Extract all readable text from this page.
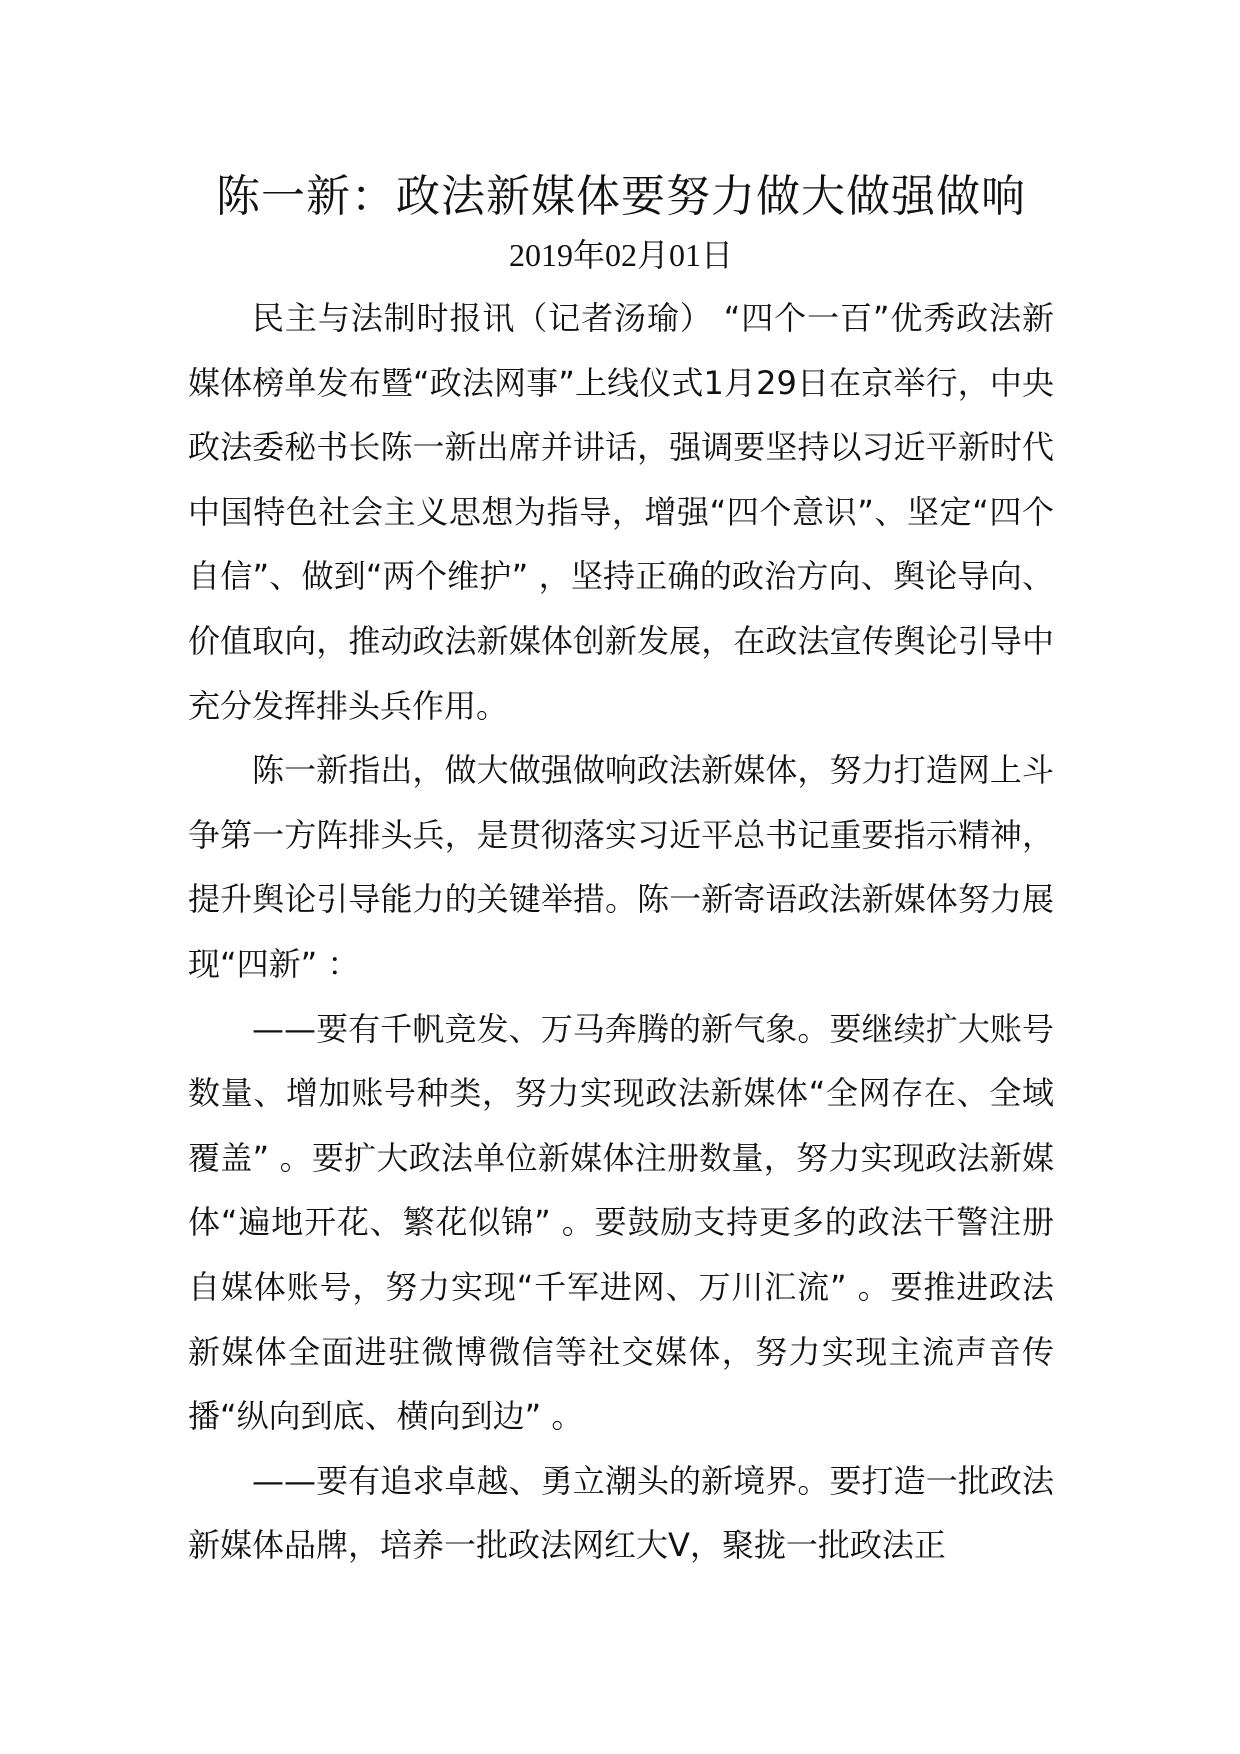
陈一新：政法新媒体要努力做大做强做响
2019年02月01日

民主与法制时报讯（记者汤瑜） “四个一百”优秀政法新媒体榜单发布暨“政法网事”上线仪式1月29日在京举行，中央政法委秘书长陈一新出席并讲话，强调要坚持以习近平新时代中国特色社会主义思想为指导，增强“四个意识”、坚定“四个自信”、做到“两个维护” ，坚持正确的政治方向、舆论导向、价值取向，推动政法新媒体创新发展，在政法宣传舆论引导中充分发挥排头兵作用。

陈一新指出，做大做强做响政法新媒体，努力打造网上斗争第一方阵排头兵，是贯彻落实习近平总书记重要指示精神，提升舆论引导能力的关键举措。陈一新寄语政法新媒体努力展现“四新” ：

——要有千帆竞发、万马奔腾的新气象。要继续扩大账号数量、增加账号种类，努力实现政法新媒体“全网存在、全域覆盖” 。要扩大政法单位新媒体注册数量，努力实现政法新媒体“遍地开花、繁花似锦” 。要鼓励支持更多的政法干警注册自媒体账号，努力实现“千军进网、万川汇流” 。要推进政法新媒体全面进驻微博微信等社交媒体，努力实现主流声音传播“纵向到底、横向到边” 。

——要有追求卓越、勇立潮头的新境界。要打造一批政法新媒体品牌，培养一批政法网红大V，聚拢一批政法正
